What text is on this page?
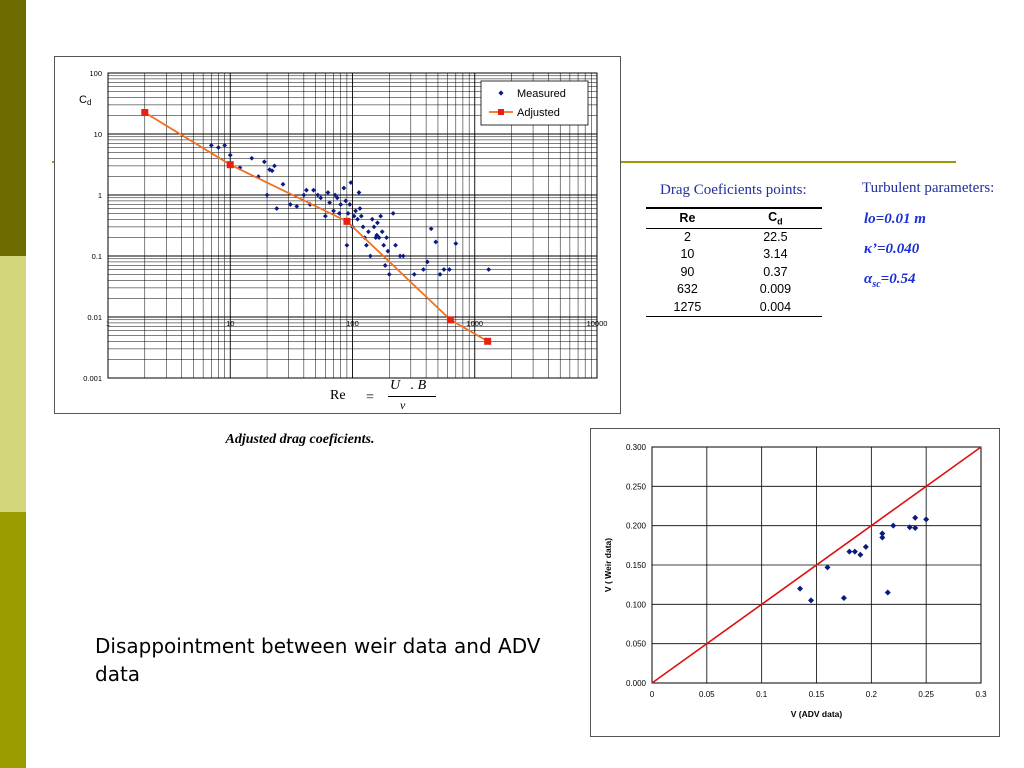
100
10
1
0.1
0.01
0.001
1	10	100	1000	10000
Cd
Measured
Adjusted
Re =
U   . B
ν
Adjusted drag coeficients.
Drag Coeficients points:
Re	$C_d$
2	22.5
10	3.14
90	0.37
632	0.009
1275	0.004
Turbulent parameters:
lo=0.01 m
κ’=0.040
$\alpha_{sc}=0.54$
Disappointment between weir data and ADV data
0	0.05	0.1	0.15	0.2	0.25	0.3
0.000
0.050
0.100
0.150
0.200
0.250
0.300
V (ADV data)
V ( Weir data)
